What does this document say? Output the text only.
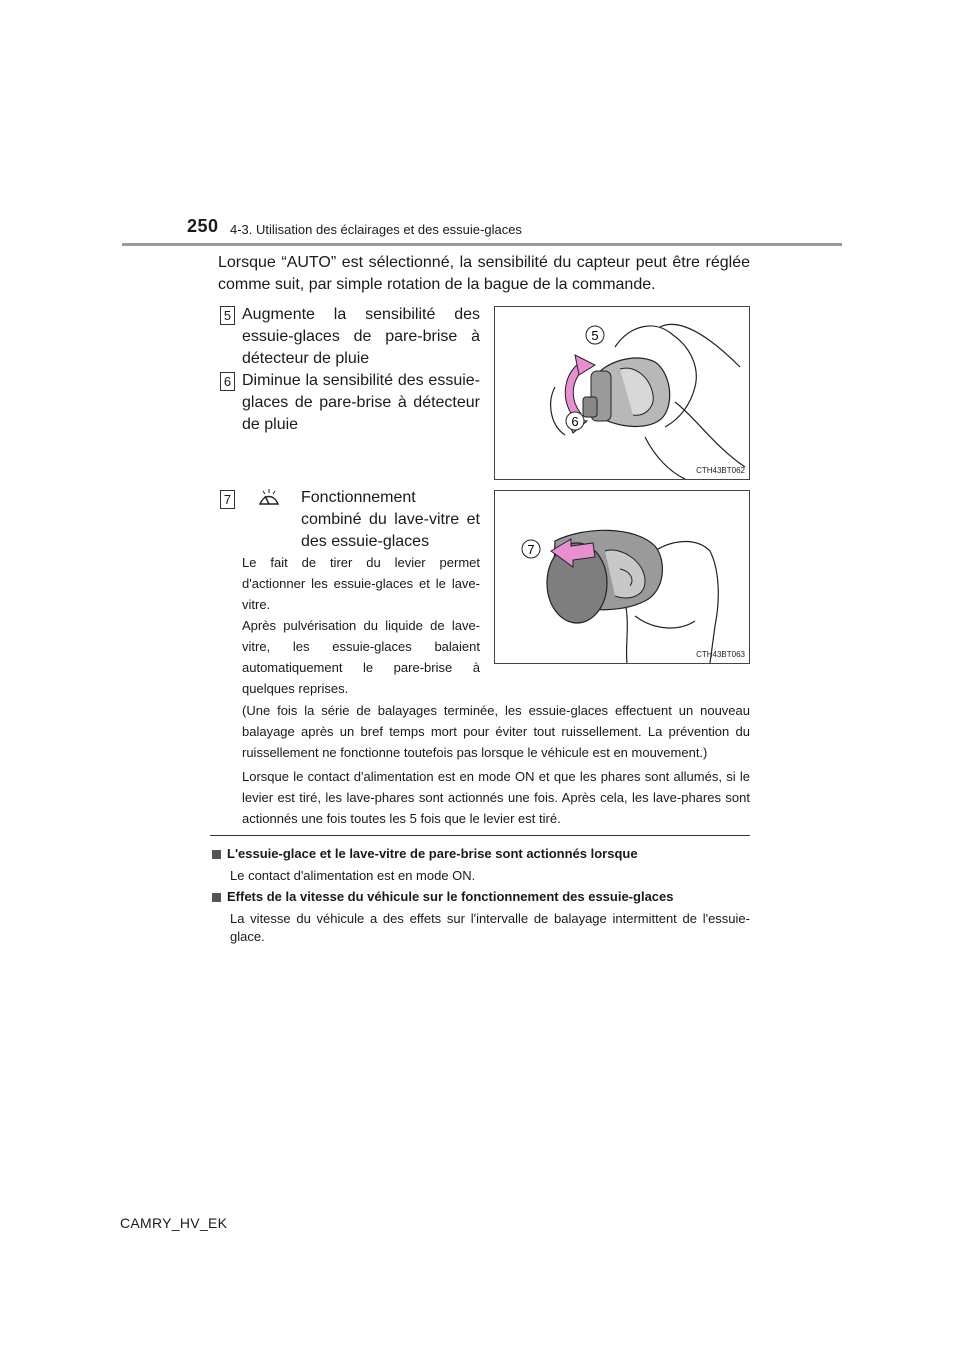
250 4-3. Utilisation des éclairages et des essuie-glaces

Lorsque “AUTO” est sélectionné, la sensibilité du capteur peut être réglée comme suit, par simple rotation de la bague de la commande.

5 Augmente la sensibilité des essuie-glaces de pare-brise à détecteur de pluie

6 Diminue la sensibilité des essuie-glaces de pare-brise à détecteur de pluie

5
6
CTH43BT062
7	Fonctionnement combiné du lave-vitre et des essuie-glaces

Le fait de tirer du levier permet d'actionner les essuie-glaces et le lave-vitre.

Après pulvérisation du liquide de lave-vitre, les essuie-glaces balaient automatiquement le pare-brise à quelques reprises.

7
CTH43BT063

(Une fois la série de balayages terminée, les essuie-glaces effectuent un nouveau balayage après un bref temps mort pour éviter tout ruissellement. La prévention du ruissellement ne fonctionne toutefois pas lorsque le véhicule est en mouvement.)

Lorsque le contact d'alimentation est en mode ON et que les phares sont allumés, si le levier est tiré, les lave-phares sont actionnés une fois. Après cela, les lave-phares sont actionnés une fois toutes les 5 fois que le levier est tiré.

L'essuie-glace et le lave-vitre de pare-brise sont actionnés lorsque
Le contact d'alimentation est en mode ON.
Effets de la vitesse du véhicule sur le fonctionnement des essuie-glaces
La vitesse du véhicule a des effets sur l'intervalle de balayage intermittent de l'essuie-glace.
CAMRY_HV_EK
